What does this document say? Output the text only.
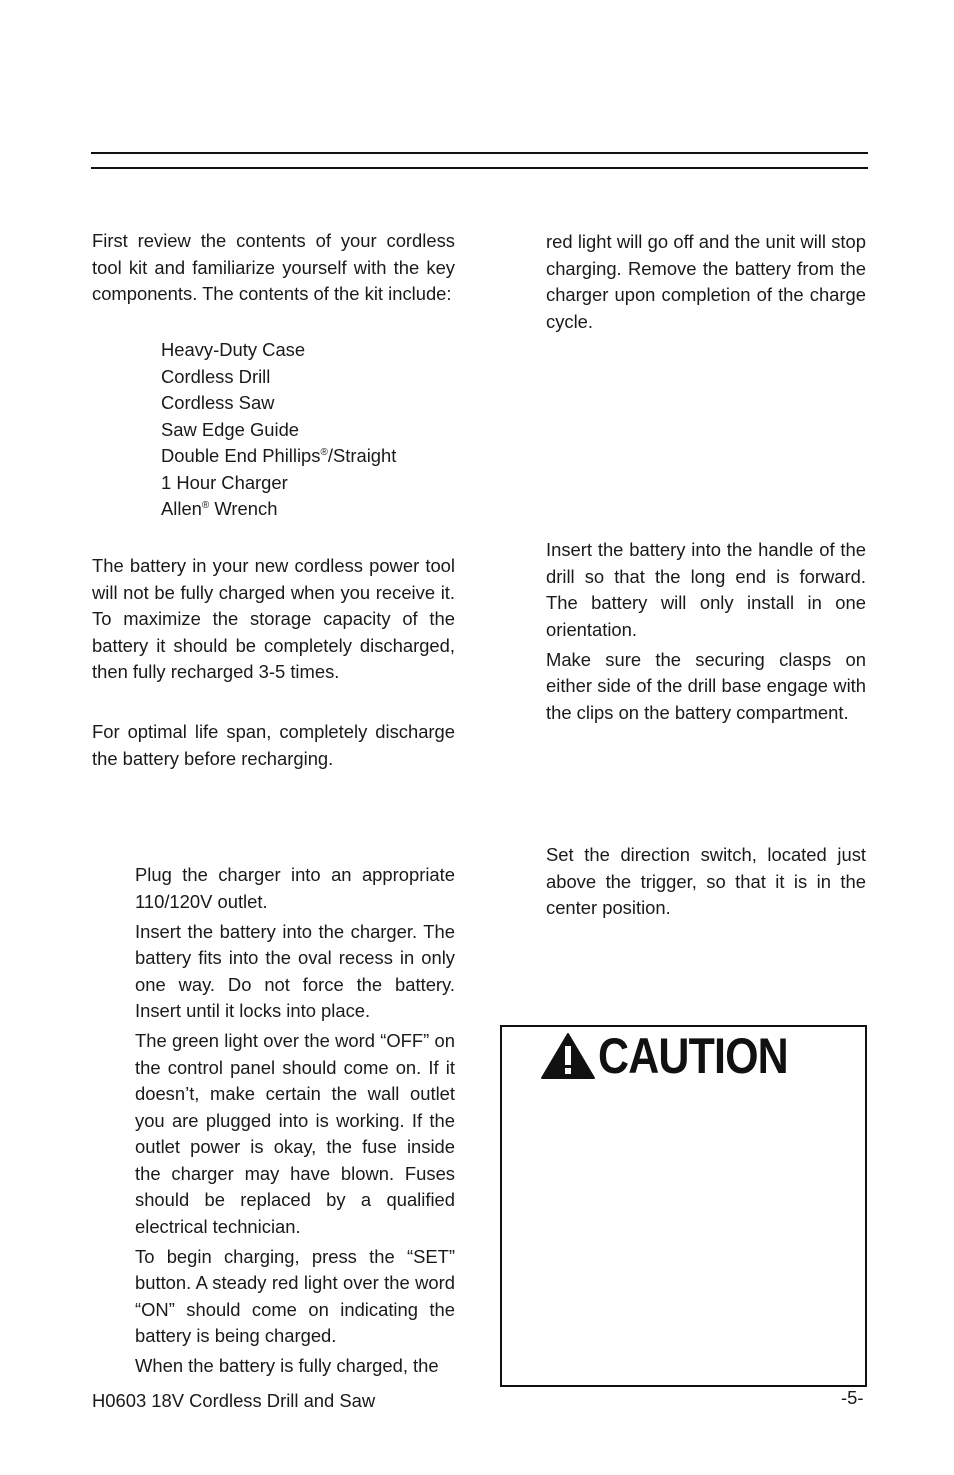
First review the contents of your cordless tool kit and familiarize yourself with the key components. The contents of the kit include:

Heavy-Duty Case
Cordless Drill
Cordless Saw
Saw Edge Guide
Double End Phillips®/Straight
1 Hour Charger
Allen® Wrench

The battery in your new cordless power tool will not be fully charged when you receive it. To maximize the storage capacity of the battery it should be completely discharged, then fully recharged 3-5 times.

For optimal life span, completely discharge the battery before recharging.

Plug the charger into an appropriate 110/120V outlet.

Insert the battery into the charger. The battery fits into the oval recess in only one way. Do not force the battery. Insert until it locks into place.

The green light over the word “OFF” on the control panel should come on. If it doesn’t, make certain the wall outlet you are plugged into is working. If the outlet power is okay, the fuse inside the charger may have blown. Fuses should be replaced by a qualified electrical technician.

To begin charging, press the “SET” button. A steady red light over the word “ON” should come on indicating the battery is being charged.

When the battery is fully charged, the

red light will go off and the unit will stop charging. Remove the battery from the charger upon completion of the charge cycle.

Insert the battery into the handle of the drill so that the long end is forward. The battery will only install in one orientation.

Make sure the securing clasps on either side of the drill base engage with the clips on the battery compartment.

Set the direction switch, located just above the trigger, so that it is in the center position.

CAUTION
H0603 18V Cordless Drill and Saw	-5-
